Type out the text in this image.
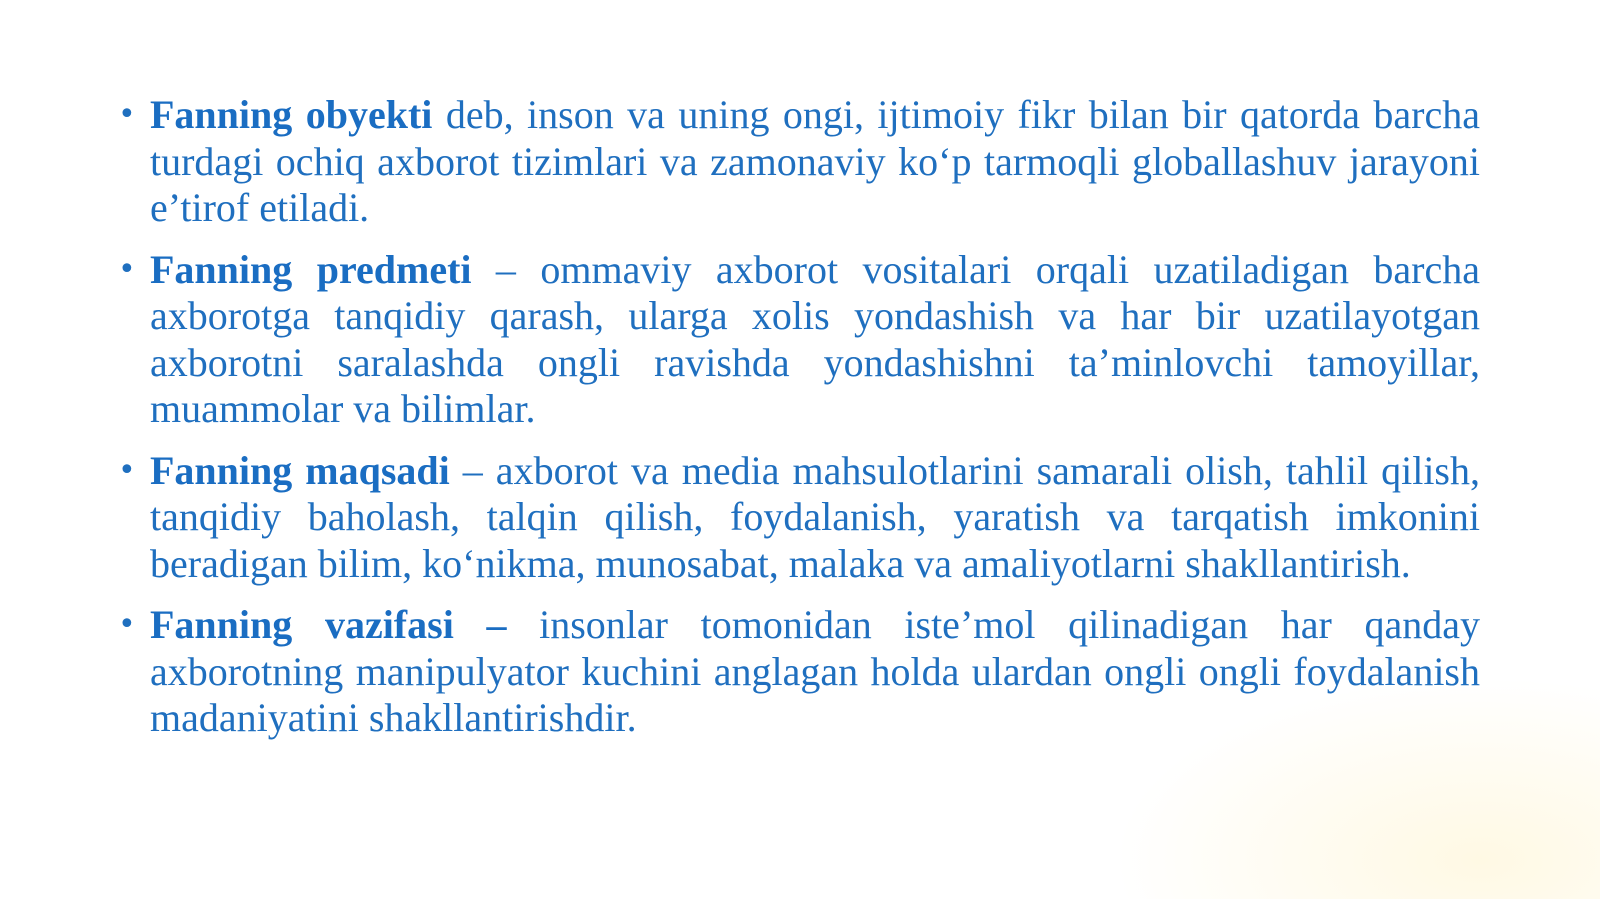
• Fanning obyekti deb, inson va uning ongi, ijtimoiy fikr bilan bir qatorda barcha turdagi ochiq axborot tizimlari va zamonaviy ko‘p tarmoqli globallashuv jarayoni e’tirof etiladi.
• Fanning predmeti – ommaviy axborot vositalari orqali uzatiladigan barcha axborotga tanqidiy qarash, ularga xolis yondashish va har bir uzatilayotgan axborotni saralashda ongli ravishda yondashishni ta’minlovchi tamoyillar, muammolar va bilimlar.
• Fanning maqsadi – axborot va media mahsulotlarini samarali olish, tahlil qilish, tanqidiy baholash, talqin qilish, foydalanish, yaratish va tarqatish imkonini beradigan bilim, ko‘nikma, munosabat, malaka va amaliyotlarni shakllantirish.
• Fanning vazifasi – insonlar tomonidan iste’mol qilinadigan har qanday axborotning manipulyator kuchini anglagan holda ulardan ongli ongli foydalanish madaniyatini shakllantirishdir.
